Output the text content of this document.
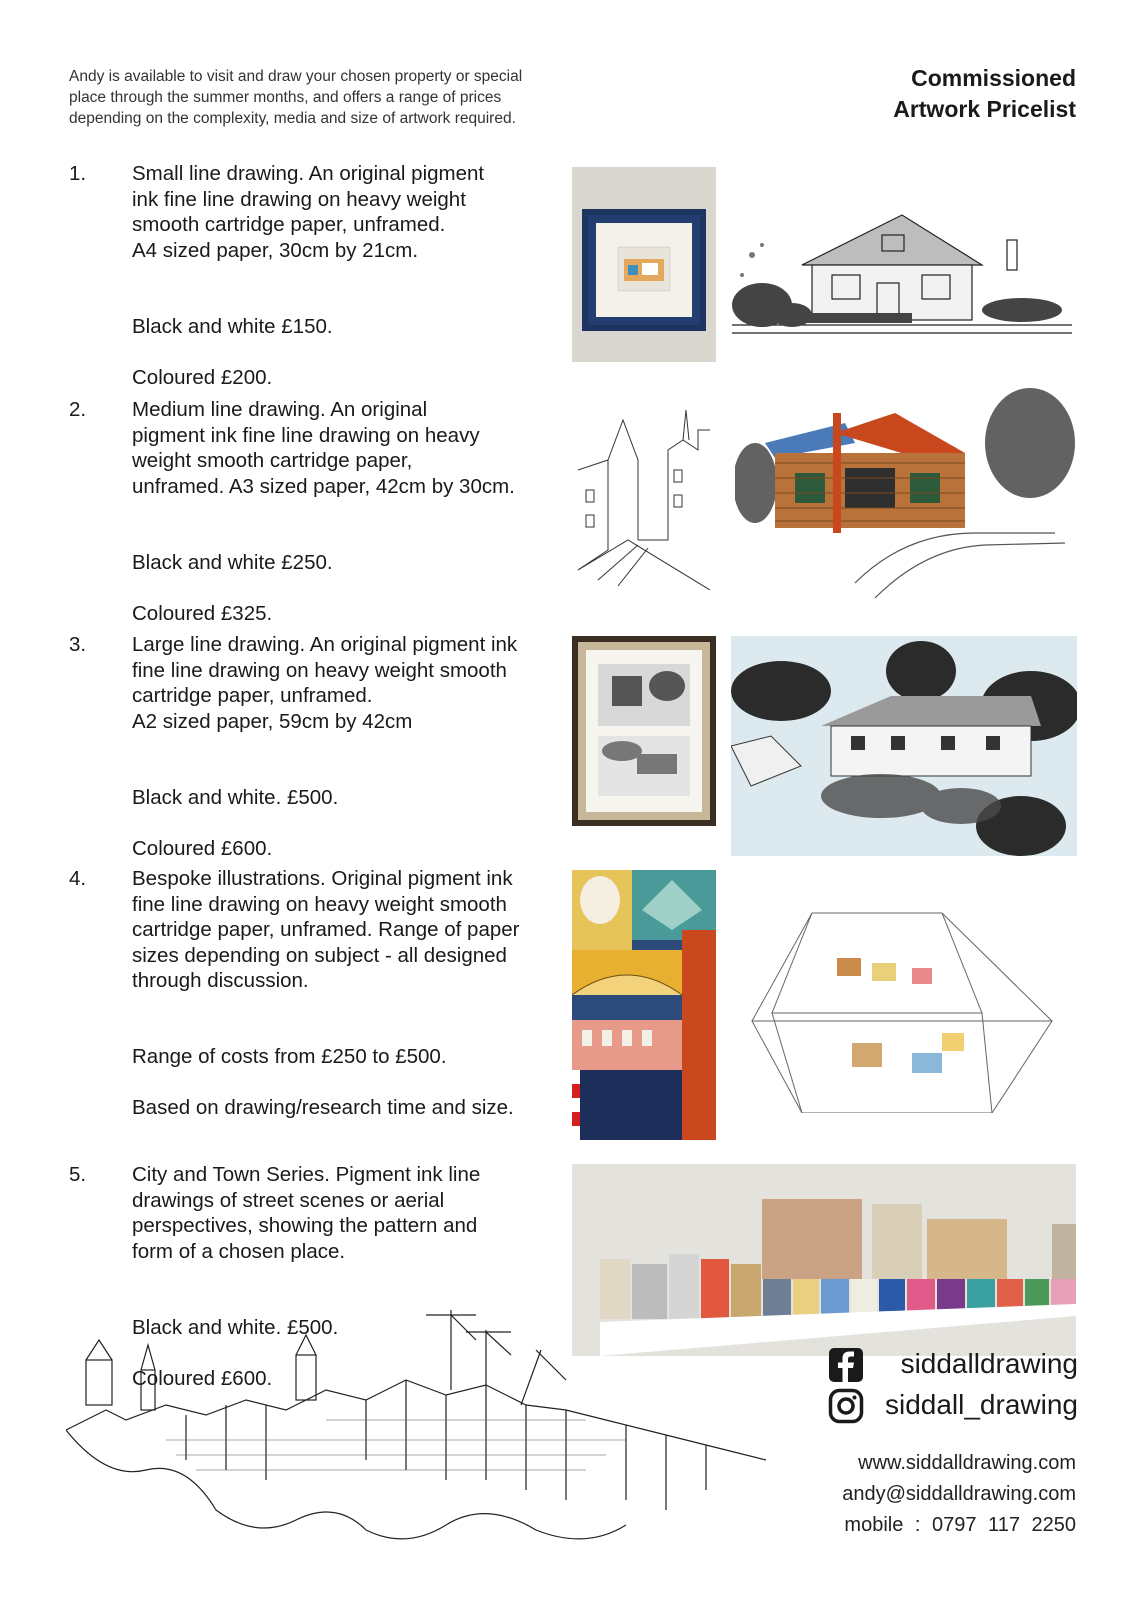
Andy is available to visit and draw your chosen property or special
place through the summer months, and offers a range of prices
depending on the complexity, media and size of artwork required.
Commissioned
Artwork Pricelist
1. Small line drawing. An original pigment
ink fine line drawing on heavy weight
smooth cartridge paper, unframed.
A4 sized paper, 30cm by 21cm.

Black and white £150.

Coloured £200.

2. Medium line drawing. An original
pigment ink fine line drawing on heavy
weight smooth cartridge paper,
unframed. A3 sized paper, 42cm by 30cm.

Black and white £250.

Coloured £325.

3. Large line drawing. An original pigment ink
fine line drawing on heavy weight smooth
cartridge paper, unframed.
A2 sized paper, 59cm by 42cm

Black and white. £500.

Coloured £600.

4. Bespoke illustrations. Original pigment ink
fine line drawing on heavy weight smooth
cartridge paper, unframed. Range of paper
sizes depending on subject - all designed
through discussion.

Range of costs from £250 to £500.

Based on drawing/research time and size.

5. City and Town Series. Pigment ink line
drawings of street scenes or aerial
perspectives, showing the pattern and
form of a chosen place.

Black and white. £500.

Coloured £600.	siddalldrawing
siddall_drawing
www.siddalldrawing.com
andy@siddalldrawing.com
mobile : 0797 117 2250
